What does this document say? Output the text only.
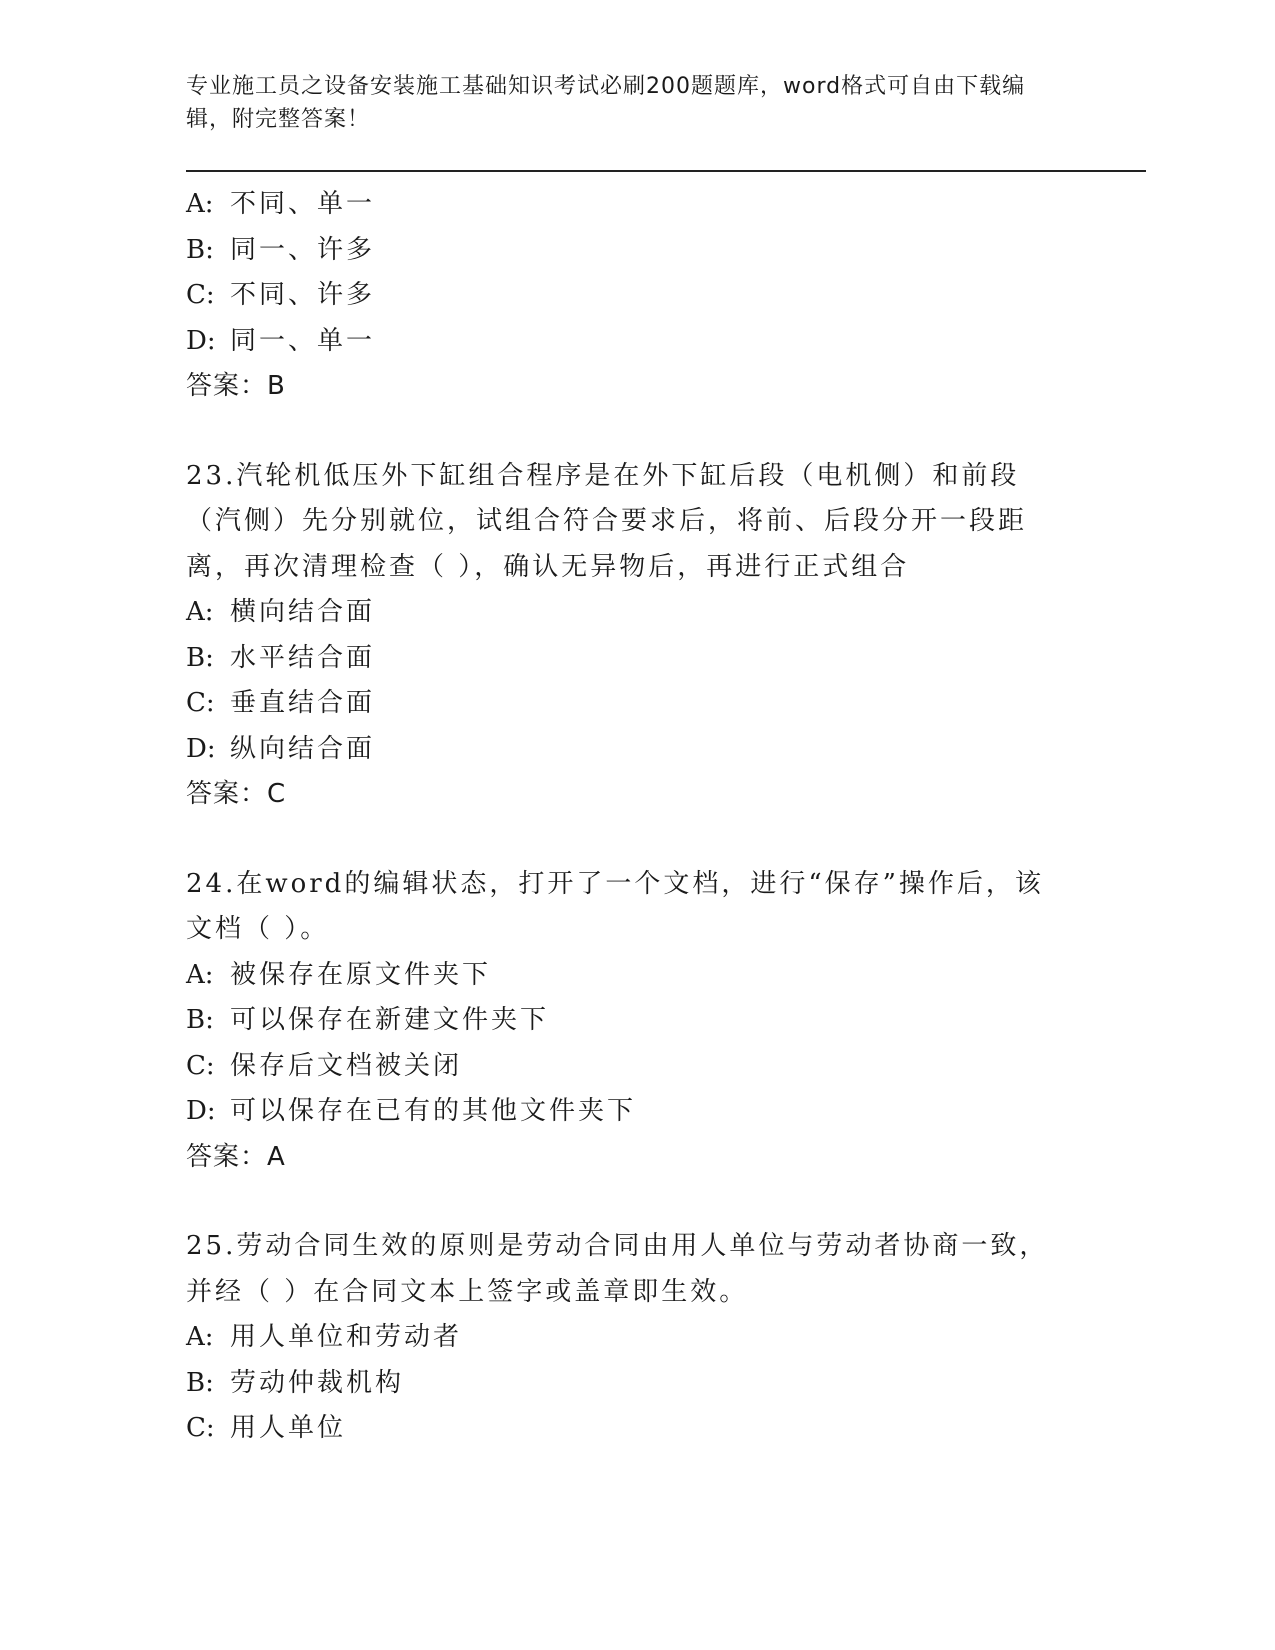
专业施工员之设备安装施工基础知识考试必刷200题题库，word格式可自由下载编辑，附完整答案！

A: 不同、单一
B: 同一、许多
C: 不同、许多
D: 同一、单一
答案：B
23.汽轮机低压外下缸组合程序是在外下缸后段（电机侧）和前段（汽侧）先分别就位，试组合符合要求后，将前、后段分开一段距离，再次清理检查（ ），确认无异物后，再进行正式组合
A: 横向结合面
B: 水平结合面
C: 垂直结合面
D: 纵向结合面
答案：C
24.在word的编辑状态，打开了一个文档，进行“保存”操作后，该文档（ ）。
A: 被保存在原文件夹下
B: 可以保存在新建文件夹下
C: 保存后文档被关闭
D: 可以保存在已有的其他文件夹下
答案：A
25.劳动合同生效的原则是劳动合同由用人单位与劳动者协商一致，并经（ ）在合同文本上签字或盖章即生效。
A: 用人单位和劳动者
B: 劳动仲裁机构
C: 用人单位
